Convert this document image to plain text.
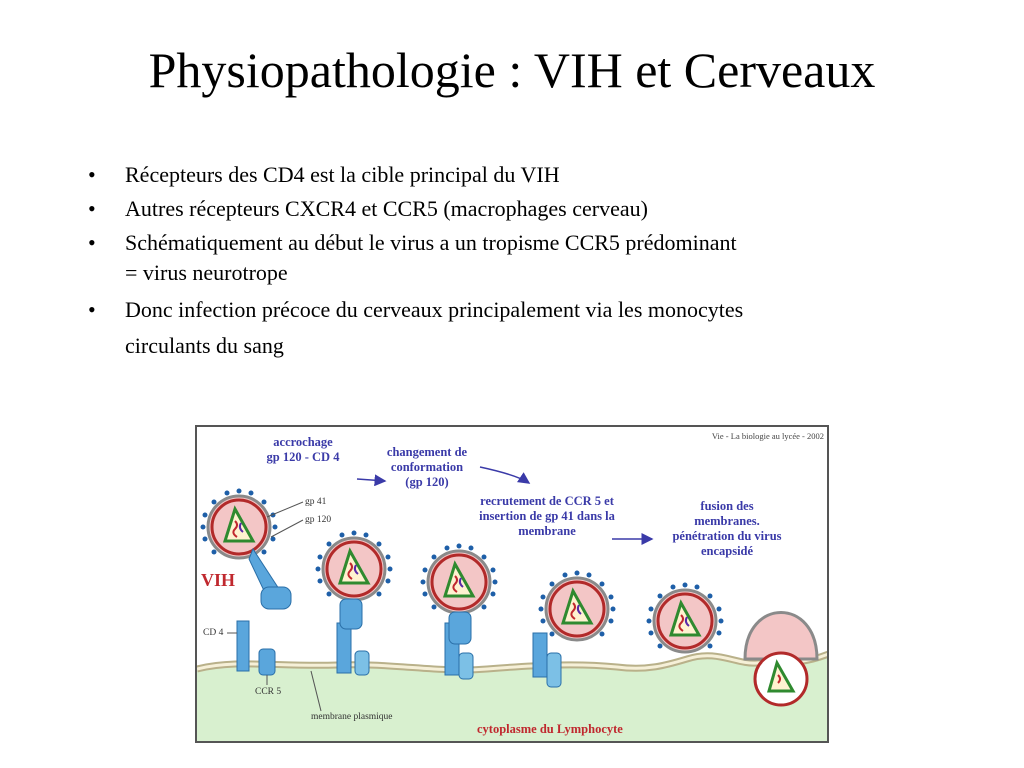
Physiopathologie : VIH et Cerveaux
• Récepteurs des CD4 est la cible principal du VIH
• Autres récepteurs CXCR4 et CCR5 (macrophages cerveau)
• Schématiquement au début le virus a un tropisme CCR5 prédominant
= virus neurotrope
• Donc infection précoce du cerveaux principalement via les monocytes
circulants du sang
Vie - La biologie au lycée - 2002
accrochage
gp 120 - CD 4	changement de
conformation
(gp 120)
recrutement de CCR 5 et
insertion de gp 41 dans la
membrane
fusion des
membranes.
pénétration du virus
encapsidé
gp 41
gp 120
VIH
CD 4
CCR 5
membrane plasmique
cytoplasme du Lymphocyte
